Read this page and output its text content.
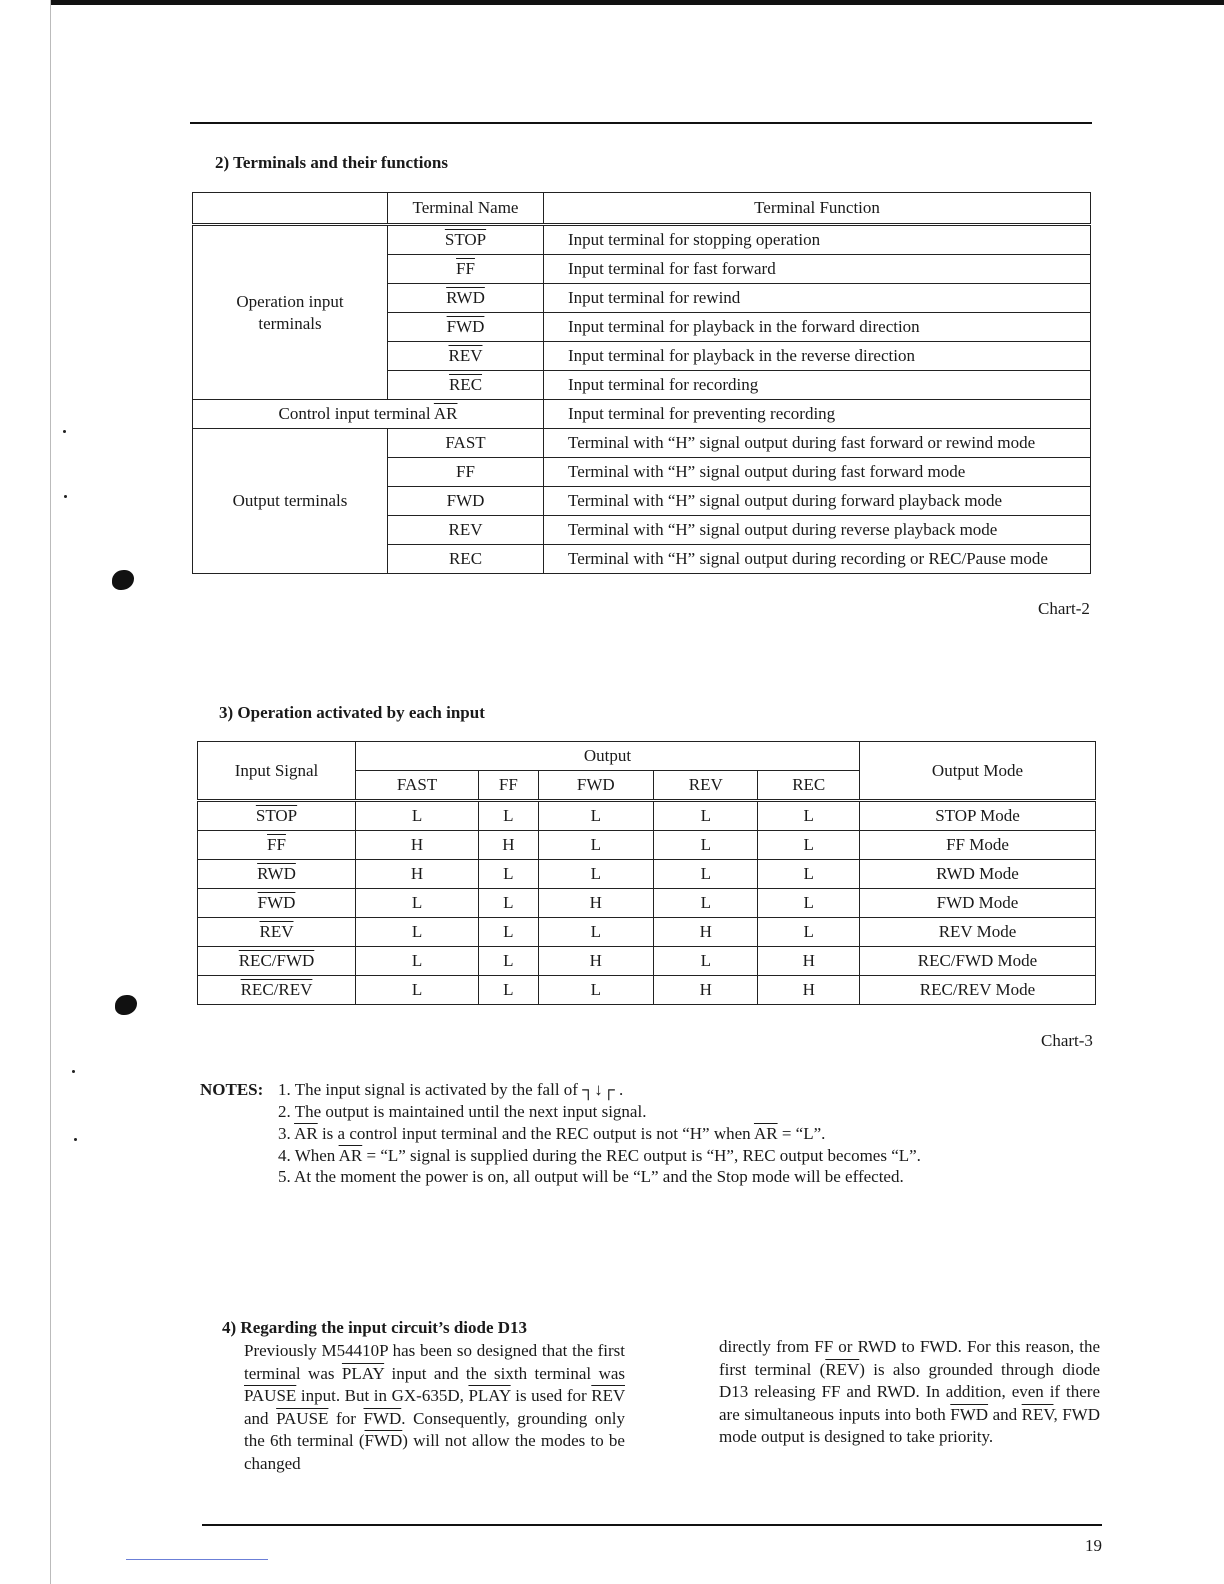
2) Terminals and their functions
	Terminal Name	Terminal Function
Operation input terminals	STOP	Input terminal for stopping operation
	$\overline{FF}$	Input terminal for fast forward
	$\overline{RWD}$	Input terminal for rewind
	$\overline{FWD}$	Input terminal for playback in the forward direction
	$\overline{REV}$	Input terminal for playback in the reverse direction
	$\overline{REC}$	Input terminal for recording
Control input terminal $\overline{AR}$		Input terminal for preventing recording
Output terminals	FAST	Terminal with “H” signal output during fast forward or rewind mode
	FF	Terminal with “H” signal output during fast forward mode
	FWD	Terminal with “H” signal output during forward playback mode
	REV	Terminal with “H” signal output during reverse playback mode
	REC	Terminal with “H” signal output during recording or REC/Pause mode
Chart-2
3) Operation activated by each input
Input Signal	Output					Output Mode
	FAST	FF	FWD	REV	REC	
STOP	L	L	L	L	L	STOP Mode
$\overline{FF}$	H	H	L	L	L	FF Mode
$\overline{RWD}$	H	L	L	L	L	RWD Mode
$\overline{FWD}$	L	L	H	L	L	FWD Mode
$\overline{REV}$	L	L	L	H	L	REV Mode
REC/FWD	L	L	H	L	H	REC/FWD Mode
REC/REV	L	L	L	H	H	REC/REV Mode
Chart-3
NOTES: 1. The input signal is activated by the fall of ┐↓┌ .
2. The output is maintained until the next input signal.
3. $\overline{AR}$ is a control input terminal and the REC output is not “H” when $\overline{AR}$ = “L”.
4. When $\overline{AR}$ = “L” signal is supplied during the REC output is “H”, REC output becomes “L”.
5. At the moment the power is on, all output will be “L” and the Stop mode will be effected.
4) Regarding the input circuit’s diode D13
Previously M54410P has been so designed that the first terminal was PLAY input and the sixth terminal was PAUSE input. But in GX-635D, PLAY is used for $\overline{REV}$ and PAUSE for $\overline{FWD}$. Consequently, grounding only the 6th terminal $(\overline{FWD})$ will not allow the modes to be changed
directly from FF or RWD to FWD. For this reason, the first terminal $(\overline{REV})$ is also grounded through diode D13 releasing FF and RWD. In addition, even if there are simultaneous inputs into both $\overline{FWD}$ and $\overline{REV}$, FWD mode output is designed to take priority.
19
